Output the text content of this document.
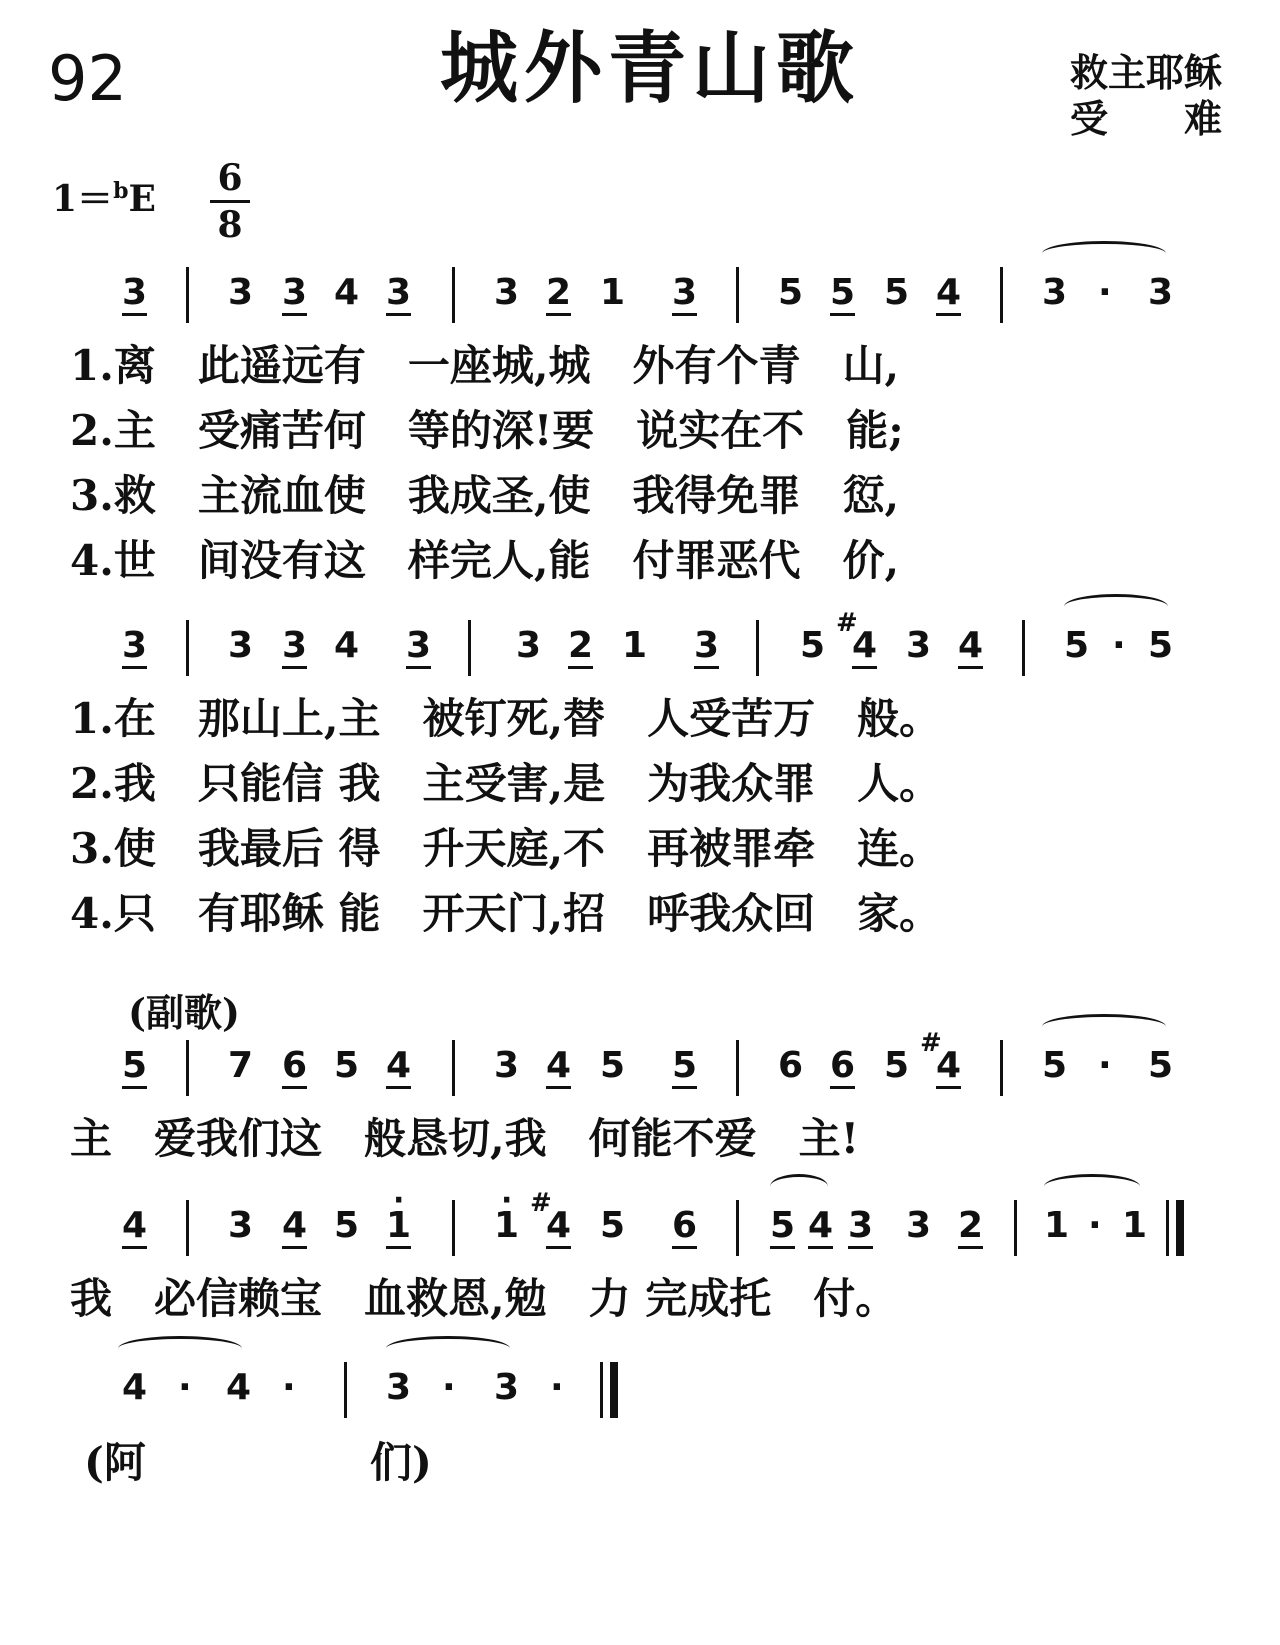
92	城外青山歌	救主耶稣
受　　难
1＝$^b$E 6
8
3 3 3 4 3 3 2 1 3 5 5 5 4 3 · 3
1.离　此遥远有　一座城,城　外有个青　山,
2.主　受痛苦何　等的深!要　说实在不　能;
3.救　主流血使　我成圣,使　我得免罪　愆,
4.世　间没有这　样完人,能　付罪恶代　价,
3 3 3 4 3 3 2 1 3 5 # 4 3 4 5 · 5
1.在　那山上,主　被钉死,替　人受苦万　般。
2.我　只能信 我　主受害,是　为我众罪　人。
3.使　我最后 得　升天庭,不　再被罪牵　连。
4.只　有耶稣 能　开天门,招　呼我众回　家。
(副歌)
5 7 6 5 4 3 4 5 5 6 6 5 # 4 5 · 5
主　爱我们这　般恳切,我　何能不爱　主!
4 3 4 5 1 · 1 · # 4 5 6 5 4 3 3 2 1 · 1
我　必信赖宝　血救恩,勉　力 完成托　付。
4 · 4 ·	3 · 3 ·
(阿	们)
